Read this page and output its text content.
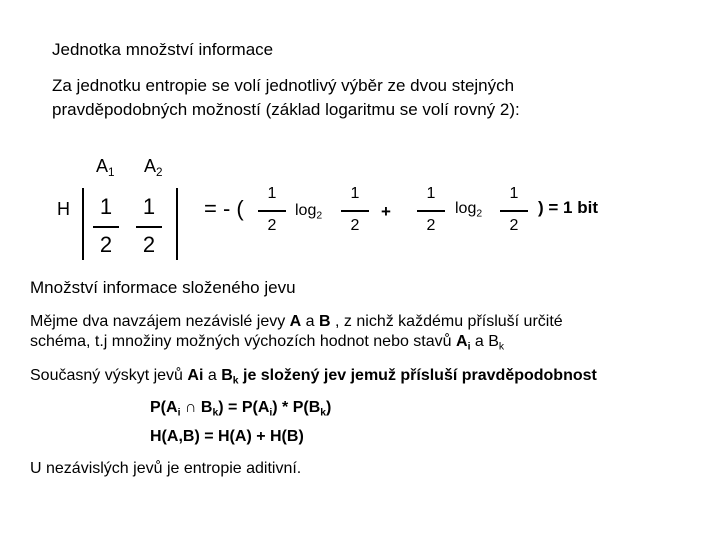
Jednotka množství informace
Za jednotku entropie se volí jednotlivý výběr ze dvou stejných
pravděpodobných možností (základ logaritmu se volí rovný 2):
$A_1$ $A_2$
H 1
2
1
2
= - (
1
2
$\log_2$
1
2
+
1
2
$\log_2$
1
2
) = 1 bit
Množství informace složeného jevu
Mějme dva navzájem nezávislé jevy A a B , z nichž každému přísluší určité
schéma, t.j množiny možných výchozích hodnot nebo stavů $A_i$ a $B_k$
Současný výskyt jevů Ai a $B_k$ je složený jev jemuž přísluší pravděpodobnost
$P(A_i$ ∩ $B_k) = P(A_i) * P(B_k)$
H(A,B) = H(A) + H(B)
U nezávislých jevů je entropie aditivní.
